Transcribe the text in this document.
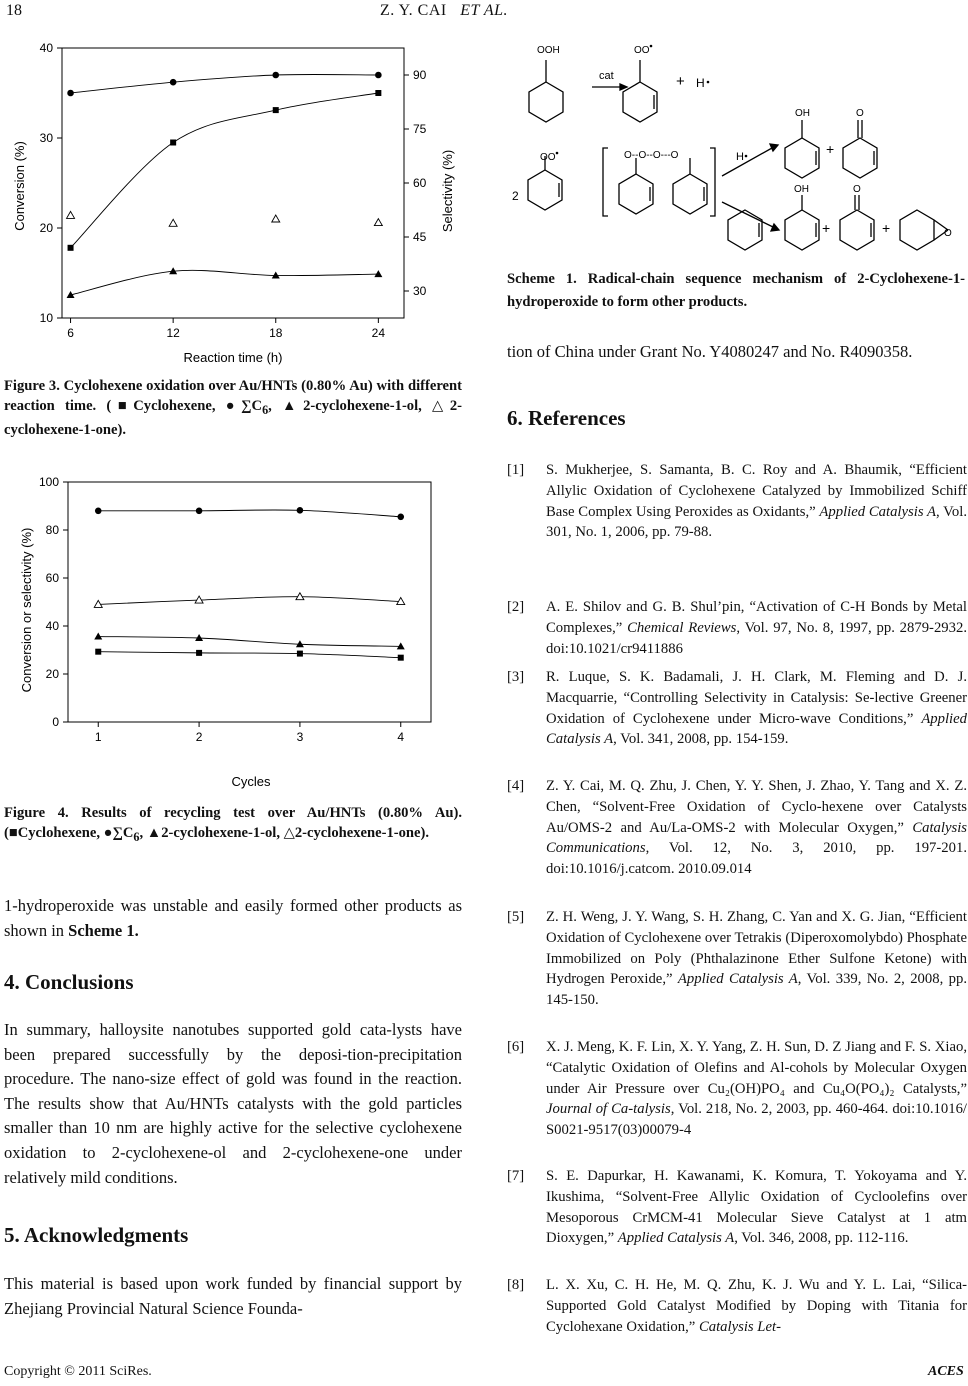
18	Z. Y. CAI ET AL.
6	12	18	24
10
20
30
40
30
45
60
75
90
Reaction time (h)
Conversion (%)	Selectivity (%)
Figure 3. Cyclohexene oxidation over Au/HNTs (0.80% Au) with different reaction time. (■Cyclohexene, $●\sum C_6$, ▲2-cyclohexene-1-ol, △2-cyclohexene-1-one).
1	2	3	4
0
20
40
60
80
100
Cycles
Conversion or selectivity (%)
Figure 4. Results of recycling test over Au/HNTs (0.80% Au). (■Cyclohexene, $●\sum C_6$, ▲2-cyclohexene-1-ol, △2-cyclohexene-1-one).
1-hydroperoxide was unstable and easily formed other products as shown in Scheme 1.
4. Conclusions
In summary, halloysite nanotubes supported gold cata-lysts have been prepared successfully by the deposi-tion-precipitation procedure. The nano-size effect of gold was found in the reaction. The results show that Au/HNTs catalysts with the gold particles smaller than 10 nm are highly active for the selective cyclohexene oxidation to 2-cyclohexene-ol and 2-cyclohexene-one under relatively mild conditions.
5. Acknowledgments
This material is based upon work funded by financial support by Zhejiang Provincial Natural Science Founda-
OOH	OO
cat	+ H
OO
2
O--O--O---O	H
OH	O
+
OH	O
+	+	O
Scheme 1. Radical-chain sequence mechanism of 2-Cyclohexene-1-hydroperoxide to form other products.
tion of China under Grant No. Y4080247 and No. R4090358.
6. References
[1] S. Mukherjee, S. Samanta, B. C. Roy and A. Bhaumik, “Efficient Allylic Oxidation of Cyclohexene Catalyzed by Immobilized Schiff Base Complex Using Peroxides as Oxidants,” Applied Catalysis A, Vol. 301, No. 1, 2006, pp. 79-88.
[2] A. E. Shilov and G. B. Shul’pin, “Activation of C-H Bonds by Metal Complexes,” Chemical Reviews, Vol. 97, No. 8, 1997, pp. 2879-2932. doi:10.1021/cr9411886
[3] R. Luque, S. K. Badamali, J. H. Clark, M. Fleming and D. J. Macquarrie, “Controlling Selectivity in Catalysis: Se-lective Greener Oxidation of Cyclohexene under Micro-wave Conditions,” Applied Catalysis A, Vol. 341, 2008, pp. 154-159.
[4] Z. Y. Cai, M. Q. Zhu, J. Chen, Y. Y. Shen, J. Zhao, Y. Tang and X. Z. Chen, “Solvent-Free Oxidation of Cyclo-hexene over Catalysts Au/OMS-2 and Au/La-OMS-2 with Molecular Oxygen,” Catalysis Communications, Vol. 12, No. 3, 2010, pp. 197-201. doi:10.1016/j.catcom. 2010.09.014
[5] Z. H. Weng, J. Y. Wang, S. H. Zhang, C. Yan and X. G. Jian, “Efficient Oxidation of Cyclohexene over Tetrakis (Diperoxomolybdo) Phosphate Immobilized on Poly (Phthalazinone Ether Sulfone Ketone) with Hydrogen Peroxide,” Applied Catalysis A, Vol. 339, No. 2, 2008, pp. 145-150.
[6] X. J. Meng, K. F. Lin, X. Y. Yang, Z. H. Sun, D. Z Jiang and F. S. Xiao, “Catalytic Oxidation of Olefins and Al-cohols by Molecular Oxygen under Air Pressure over Cu₂(OH)PO₄ and Cu₄O(PO₄)₂ Catalysts,” Journal of Ca-talysis, Vol. 218, No. 2, 2003, pp. 460-464. doi:10.1016/ S0021-9517(03)00079-4
[7] S. E. Dapurkar, H. Kawanami, K. Komura, T. Yokoyama and Y. Ikushima, “Solvent-Free Allylic Oxidation of Cycloolefins over Mesoporous CrMCM-41 Molecular Sieve Catalyst at 1 atm Dioxygen,” Applied Catalysis A, Vol. 346, 2008, pp. 112-116.
[8] L. X. Xu, C. H. He, M. Q. Zhu, K. J. Wu and Y. L. Lai, “Silica-Supported Gold Catalyst Modified by Doping with Titania for Cyclohexane Oxidation,” Catalysis Let-
Copyright © 2011 SciRes.	ACES
